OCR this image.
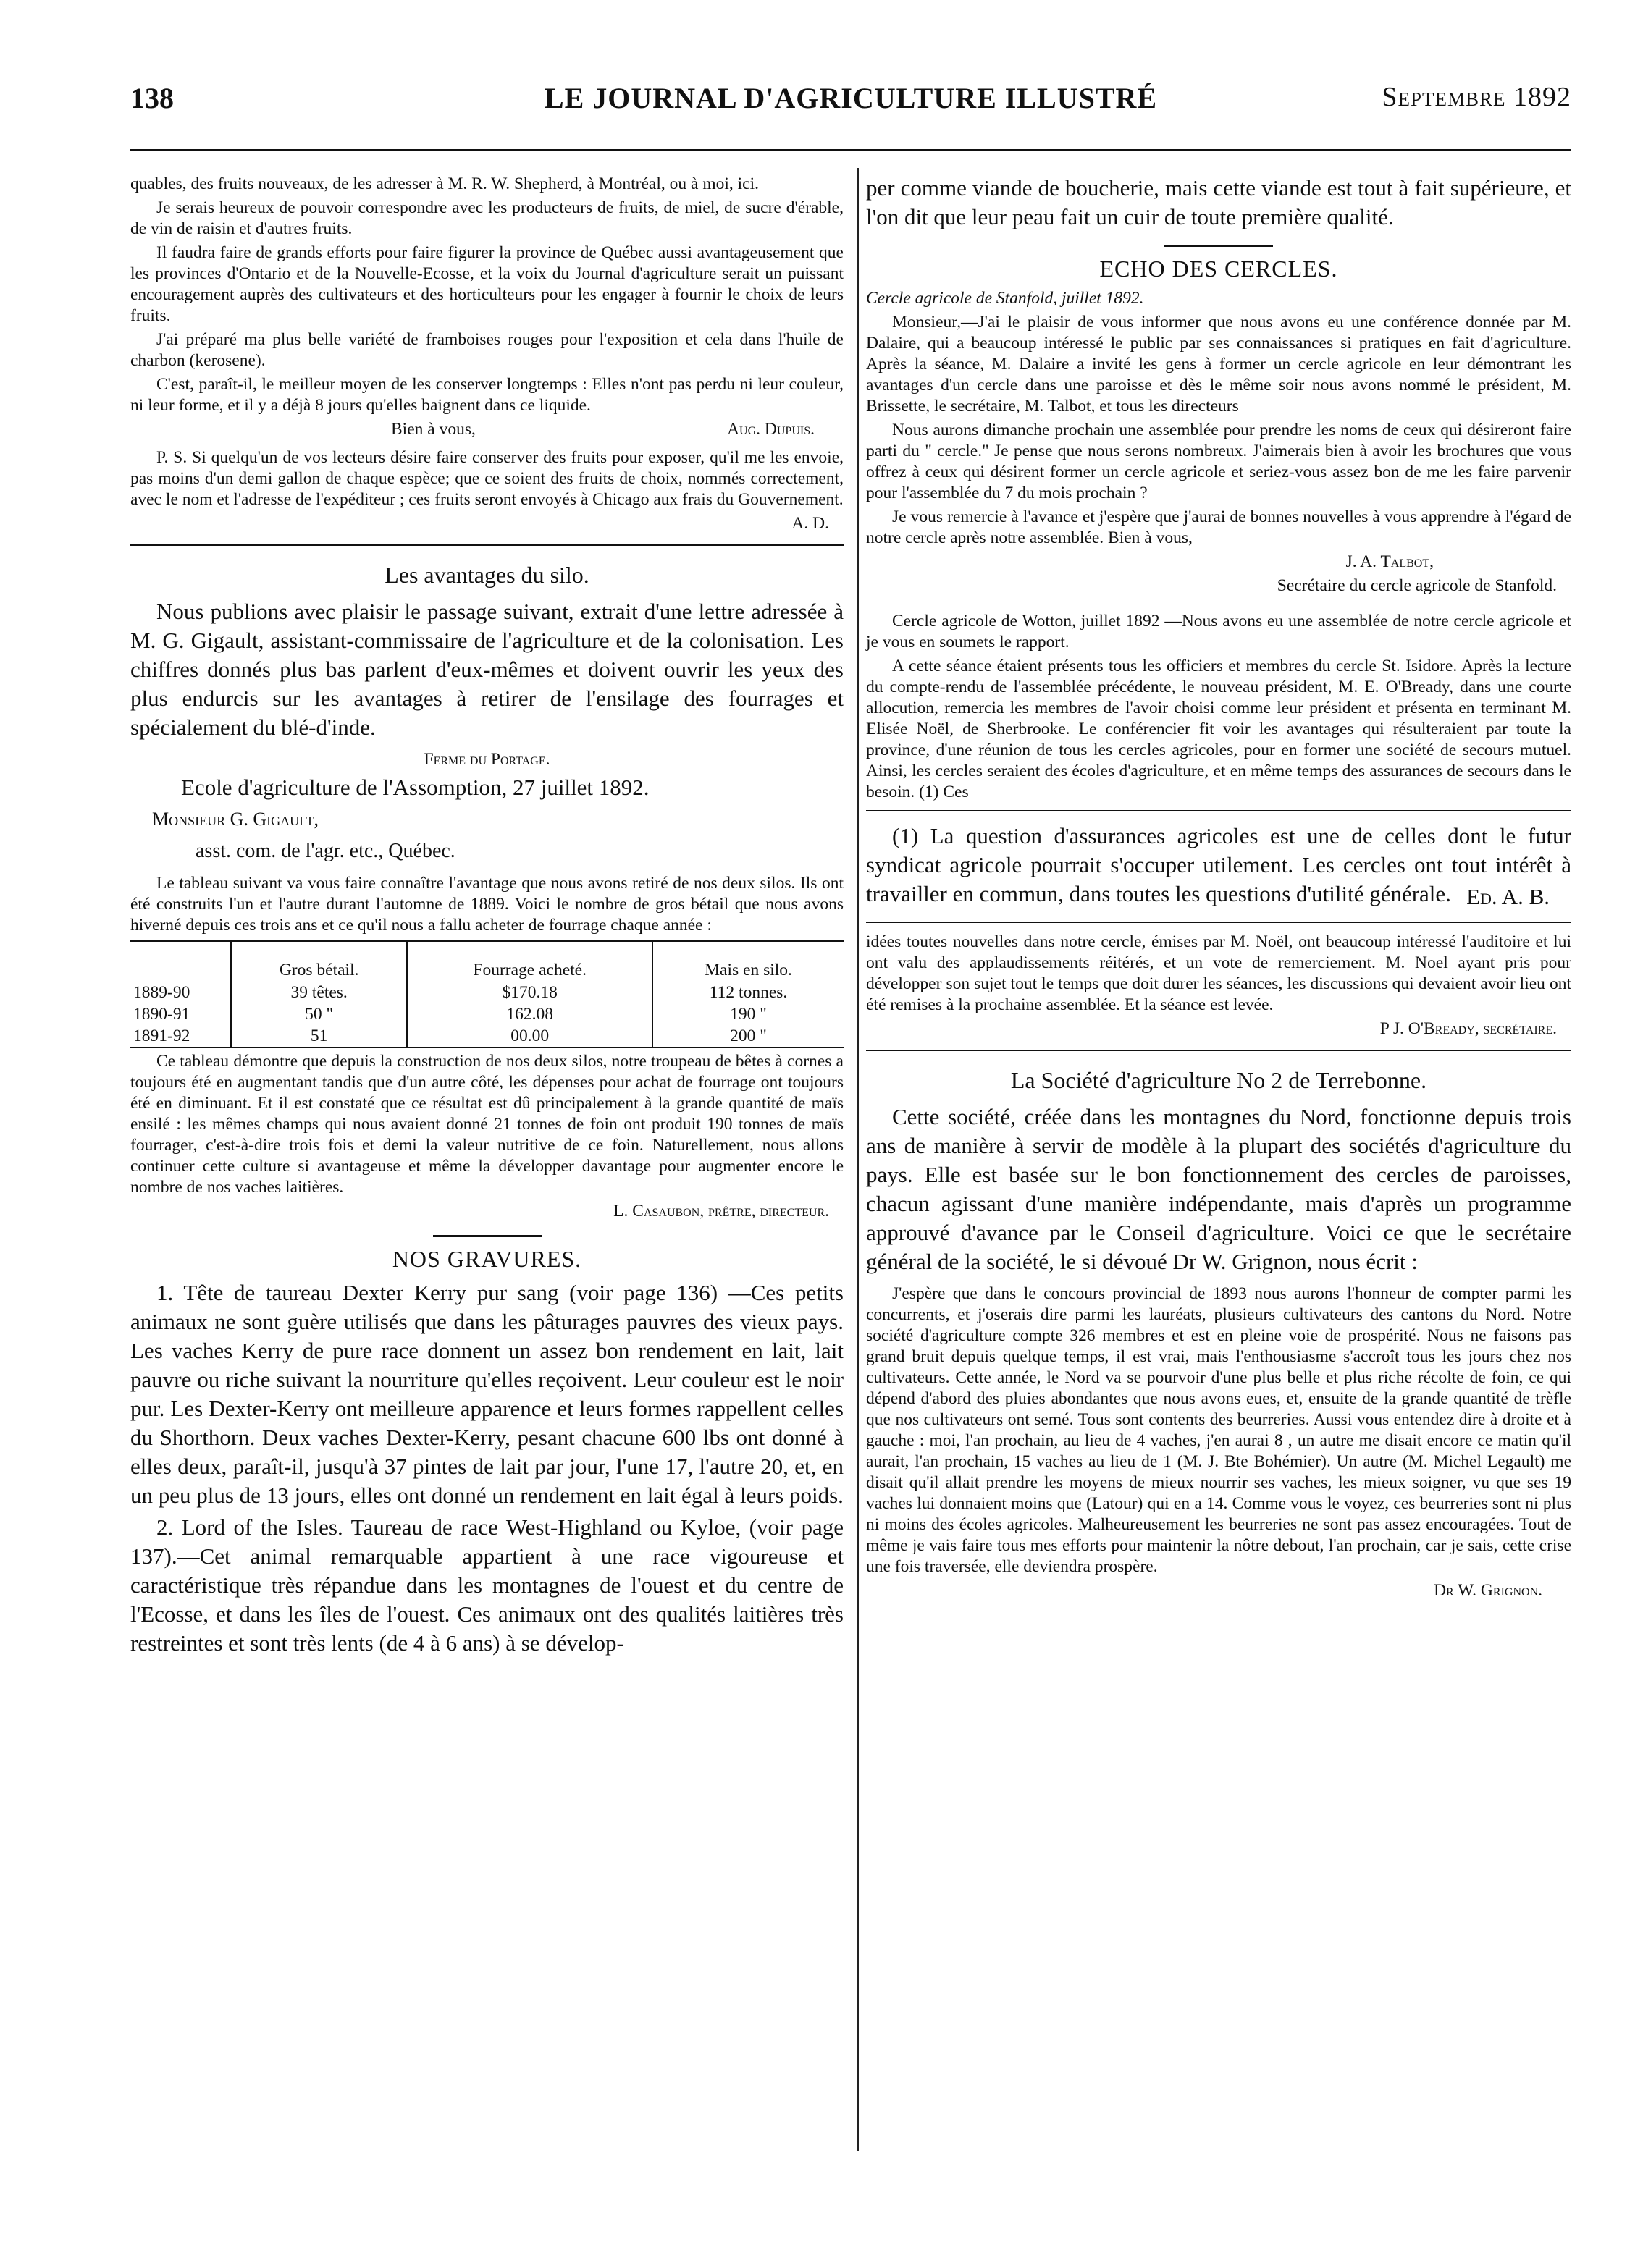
138	LE JOURNAL D'AGRICULTURE ILLUSTRÉ	Septembre 1892

quables, des fruits nouveaux, de les adresser à M. R. W. Shepherd, à Montréal, ou à moi, ici.

Je serais heureux de pouvoir correspondre avec les producteurs de fruits, de miel, de sucre d'érable, de vin de raisin et d'autres fruits.

Il faudra faire de grands efforts pour faire figurer la province de Québec aussi avantageusement que les provinces d'Ontario et de la Nouvelle-Ecosse, et la voix du Journal d'agriculture serait un puissant encouragement auprès des cultivateurs et des horticulteurs pour les engager à fournir le choix de leurs fruits.

J'ai préparé ma plus belle variété de framboises rouges pour l'exposition et cela dans l'huile de charbon (kerosene).

C'est, paraît-il, le meilleur moyen de les conserver longtemps : Elles n'ont pas perdu ni leur couleur, ni leur forme, et il y a déjà 8 jours qu'elles baignent dans ce liquide.

Bien à vous,	Aug. Dupuis.

P. S. Si quelqu'un de vos lecteurs désire faire conserver des fruits pour exposer, qu'il me les envoie, pas moins d'un demi gallon de chaque espèce; que ce soient des fruits de choix, nommés correctement, avec le nom et l'adresse de l'expéditeur ; ces fruits seront envoyés à Chicago aux frais du Gouvernement.

A. D.

Les avantages du silo.

Nous publions avec plaisir le passage suivant, extrait d'une lettre adressée à M. G. Gigault, assistant-commissaire de l'agriculture et de la colonisation. Les chiffres donnés plus bas parlent d'eux-mêmes et doivent ouvrir les yeux des plus endurcis sur les avantages à retirer de l'ensilage des fourrages et spécialement du blé-d'inde.

Ferme du Portage.

Ecole d'agriculture de l'Assomption, 27 juillet 1892.

Monsieur G. Gigault,

asst. com. de l'agr. etc., Québec.

Le tableau suivant va vous faire connaître l'avantage que nous avons retiré de nos deux silos. Ils ont été construits l'un et l'autre durant l'automne de 1889. Voici le nombre de gros bétail que nous avons hiverné depuis ces trois ans et ce qu'il nous a fallu acheter de fourrage chaque année :

	Gros bétail.	Fourrage acheté.	Mais en silo.
1889-90	39 têtes.	$170.18	112 tonnes.
1890-91	50 "	162.08	190 "
1891-92	51	00.00	200 "

Ce tableau démontre que depuis la construction de nos deux silos, notre troupeau de bêtes à cornes a toujours été en augmentant tandis que d'un autre côté, les dépenses pour achat de fourrage ont toujours été en diminuant. Et il est constaté que ce résultat est dû principalement à la grande quantité de maïs ensilé : les mêmes champs qui nous avaient donné 21 tonnes de foin ont produit 190 tonnes de maïs fourrager, c'est-à-dire trois fois et demi la valeur nutritive de ce foin. Naturellement, nous allons continuer cette culture si avantageuse et même la développer davantage pour augmenter encore le nombre de nos vaches laitières.

L. Casaubon, prêtre, directeur.

NOS GRAVURES.

1. Tête de taureau Dexter Kerry pur sang (voir page 136) —Ces petits animaux ne sont guère utilisés que dans les pâturages pauvres des vieux pays. Les vaches Kerry de pure race donnent un assez bon rendement en lait, lait pauvre ou riche suivant la nourriture qu'elles reçoivent. Leur couleur est le noir pur. Les Dexter-Kerry ont meilleure apparence et leurs formes rappellent celles du Shorthorn. Deux vaches Dexter-Kerry, pesant chacune 600 lbs ont donné à elles deux, paraît-il, jusqu'à 37 pintes de lait par jour, l'une 17, l'autre 20, et, en un peu plus de 13 jours, elles ont donné un rendement en lait égal à leurs poids.

2. Lord of the Isles. Taureau de race West-Highland ou Kyloe, (voir page 137).—Cet animal remarquable appartient à une race vigoureuse et caractéristique très répandue dans les montagnes de l'ouest et du centre de l'Ecosse, et dans les îles de l'ouest. Ces animaux ont des qualités laitières très restreintes et sont très lents (de 4 à 6 ans) à se dévelop-

per comme viande de boucherie, mais cette viande est tout à fait supérieure, et l'on dit que leur peau fait un cuir de toute première qualité.

ECHO DES CERCLES.

Cercle agricole de Stanfold, juillet 1892.

Monsieur,—J'ai le plaisir de vous informer que nous avons eu une conférence donnée par M. Dalaire, qui a beaucoup intéressé le public par ses connaissances si pratiques en fait d'agriculture. Après la séance, M. Dalaire a invité les gens à former un cercle agricole en leur démontrant les avantages d'un cercle dans une paroisse et dès le même soir nous avons nommé le président, M. Brissette, le secrétaire, M. Talbot, et tous les directeurs

Nous aurons dimanche prochain une assemblée pour prendre les noms de ceux qui désireront faire parti du " cercle." Je pense que nous serons nombreux. J'aimerais bien à avoir les brochures que vous offrez à ceux qui désirent former un cercle agricole et seriez-vous assez bon de me les faire parvenir pour l'assemblée du 7 du mois prochain ?

Je vous remercie à l'avance et j'espère que j'aurai de bonnes nouvelles à vous apprendre à l'égard de notre cercle après notre assemblée. Bien à vous,

J. A. Talbot,

Secrétaire du cercle agricole de Stanfold.

Cercle agricole de Wotton, juillet 1892 —Nous avons eu une assemblée de notre cercle agricole et je vous en soumets le rapport.

A cette séance étaient présents tous les officiers et membres du cercle St. Isidore. Après la lecture du compte-rendu de l'assemblée précédente, le nouveau président, M. E. O'Bready, dans une courte allocution, remercia les membres de l'avoir choisi comme leur président et présenta en terminant M. Elisée Noël, de Sherbrooke. Le conférencier fit voir les avantages qui résulteraient par toute la province, d'une réunion de tous les cercles agricoles, pour en former une société de secours mutuel. Ainsi, les cercles seraient des écoles d'agriculture, et en même temps des assurances de secours dans le besoin. (1) Ces

(1) La question d'assurances agricoles est une de celles dont le futur syndicat agricole pourrait s'occuper utilement. Les cercles ont tout intérêt à travailler en commun, dans toutes les questions d'utilité générale. Ed. A. B.

idées toutes nouvelles dans notre cercle, émises par M. Noël, ont beaucoup intéressé l'auditoire et lui ont valu des applaudissements réitérés, et un vote de remerciement. M. Noel ayant pris pour développer son sujet tout le temps que doit durer les séances, les discussions qui devaient avoir lieu ont été remises à la prochaine assemblée. Et la séance est levée.

P J. O'Bready, secrétaire.

La Société d'agriculture No 2 de Terrebonne.

Cette société, créée dans les montagnes du Nord, fonctionne depuis trois ans de manière à servir de modèle à la plupart des sociétés d'agriculture du pays. Elle est basée sur le bon fonctionnement des cercles de paroisses, chacun agissant d'une manière indépendante, mais d'après un programme approuvé d'avance par le Conseil d'agriculture. Voici ce que le secrétaire général de la société, le si dévoué Dr W. Grignon, nous écrit :

J'espère que dans le concours provincial de 1893 nous aurons l'honneur de compter parmi les concurrents, et j'oserais dire parmi les lauréats, plusieurs cultivateurs des cantons du Nord. Notre société d'agriculture compte 326 membres et est en pleine voie de prospérité. Nous ne faisons pas grand bruit depuis quelque temps, il est vrai, mais l'enthousiasme s'accroît tous les jours chez nos cultivateurs. Cette année, le Nord va se pourvoir d'une plus belle et plus riche récolte de foin, ce qui dépend d'abord des pluies abondantes que nous avons eues, et, ensuite de la grande quantité de trèfle que nos cultivateurs ont semé. Tous sont contents des beurreries. Aussi vous entendez dire à droite et à gauche : moi, l'an prochain, au lieu de 4 vaches, j'en aurai 8 , un autre me disait encore ce matin qu'il aurait, l'an prochain, 15 vaches au lieu de 1 (M. J. Bte Bohémier). Un autre (M. Michel Legault) me disait qu'il allait prendre les moyens de mieux nourrir ses vaches, les mieux soigner, vu que ses 19 vaches lui donnaient moins que (Latour) qui en a 14. Comme vous le voyez, ces beurreries sont ni plus ni moins des écoles agricoles. Malheureusement les beurreries ne sont pas assez encouragées. Tout de même je vais faire tous mes efforts pour maintenir la nôtre debout, l'an prochain, car je sais, cette crise une fois traversée, elle deviendra prospère.

Dr W. Grignon.
